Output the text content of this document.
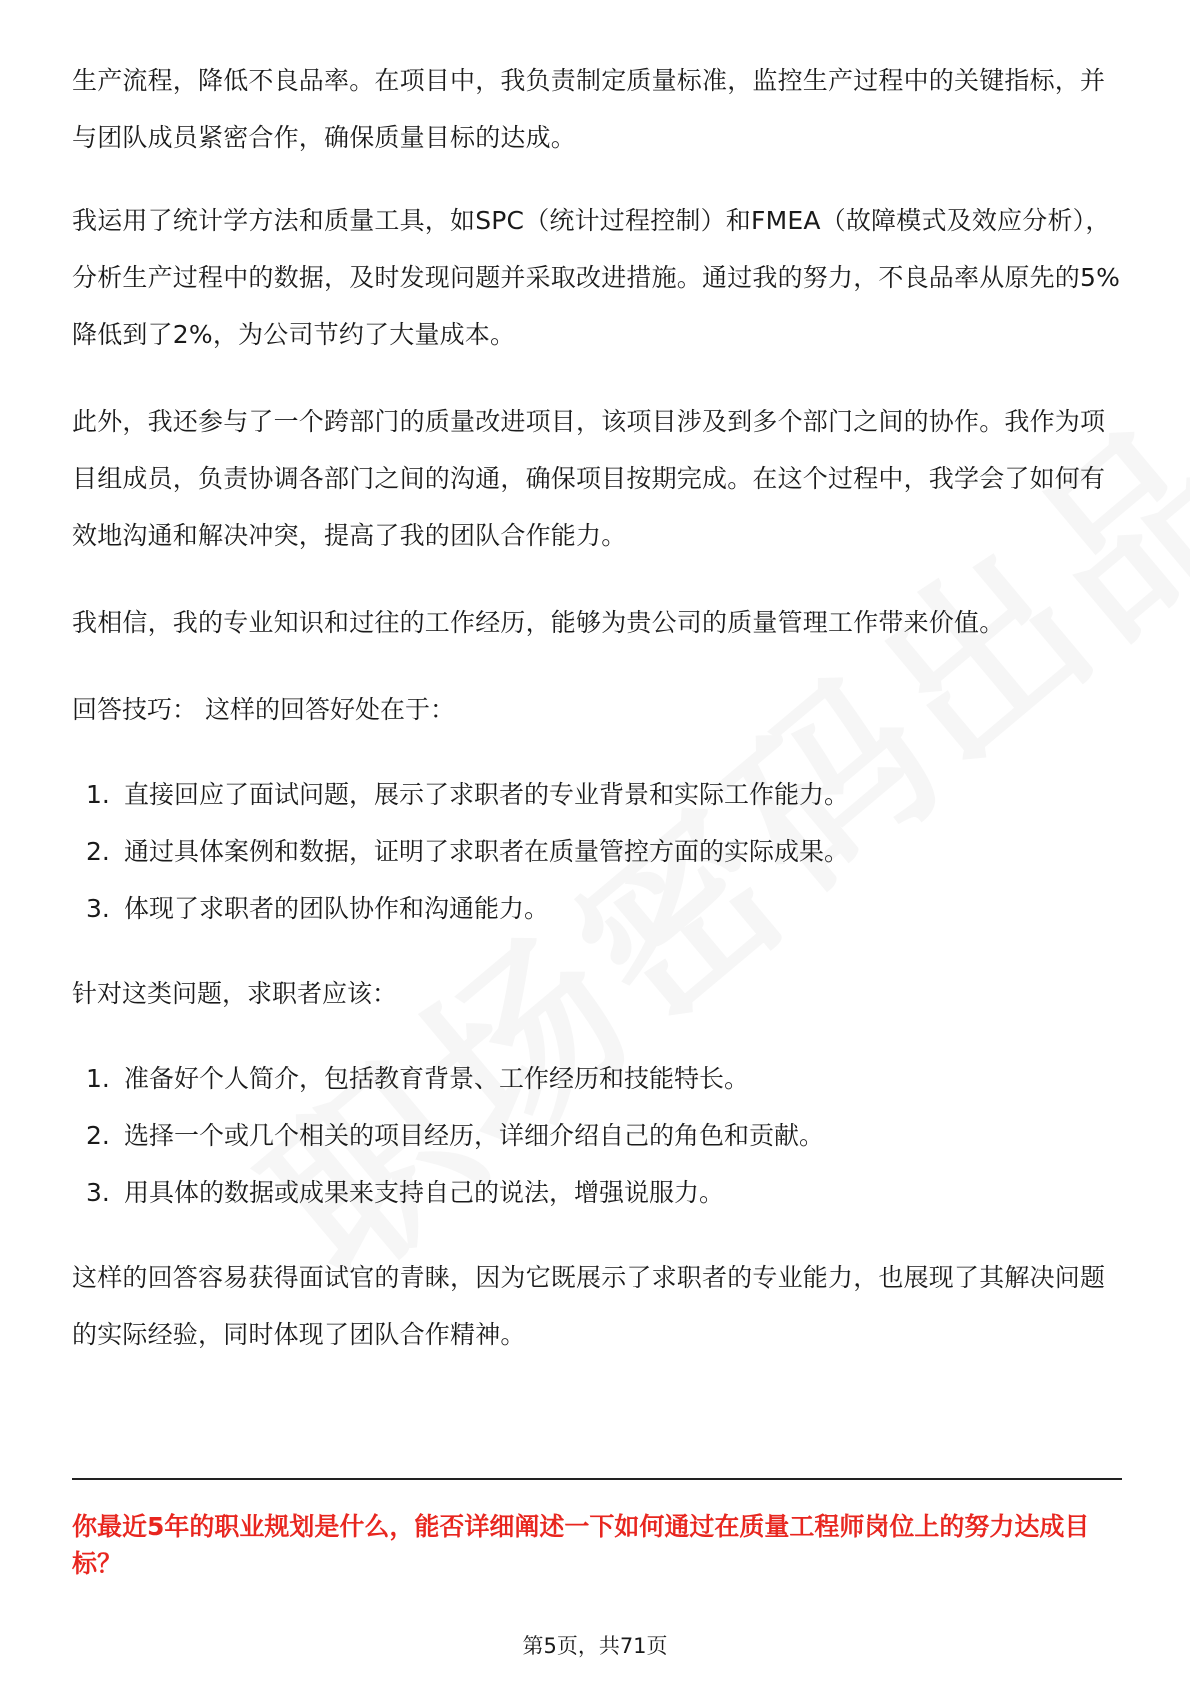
生产流程，降低不良品率。在项目中，我负责制定质量标准，监控生产过程中的关键指标，并与团队成员紧密合作，确保质量目标的达成。

我运用了统计学方法和质量工具，如SPC（统计过程控制）和FMEA（故障模式及效应分析），分析生产过程中的数据，及时发现问题并采取改进措施。通过我的努力，不良品率从原先的5%降低到了2%，为公司节约了大量成本。

此外，我还参与了一个跨部门的质量改进项目，该项目涉及到多个部门之间的协作。我作为项目组成员，负责协调各部门之间的沟通，确保项目按期完成。在这个过程中，我学会了如何有效地沟通和解决冲突，提高了我的团队合作能力。

我相信，我的专业知识和过往的工作经历，能够为贵公司的质量管理工作带来价值。

回答技巧： 这样的回答好处在于：

1. 直接回应了面试问题，展示了求职者的专业背景和实际工作能力。
2. 通过具体案例和数据，证明了求职者在质量管控方面的实际成果。
3. 体现了求职者的团队协作和沟通能力。

针对这类问题，求职者应该：

1. 准备好个人简介，包括教育背景、工作经历和技能特长。
2. 选择一个或几个相关的项目经历，详细介绍自己的角色和贡献。
3. 用具体的数据或成果来支持自己的说法，增强说服力。

这样的回答容易获得面试官的青睐，因为它既展示了求职者的专业能力，也展现了其解决问题的实际经验，同时体现了团队合作精神。

你最近5年的职业规划是什么，能否详细阐述一下如何通过在质量工程师岗位上的努力达成目标？

第5页，共71页
